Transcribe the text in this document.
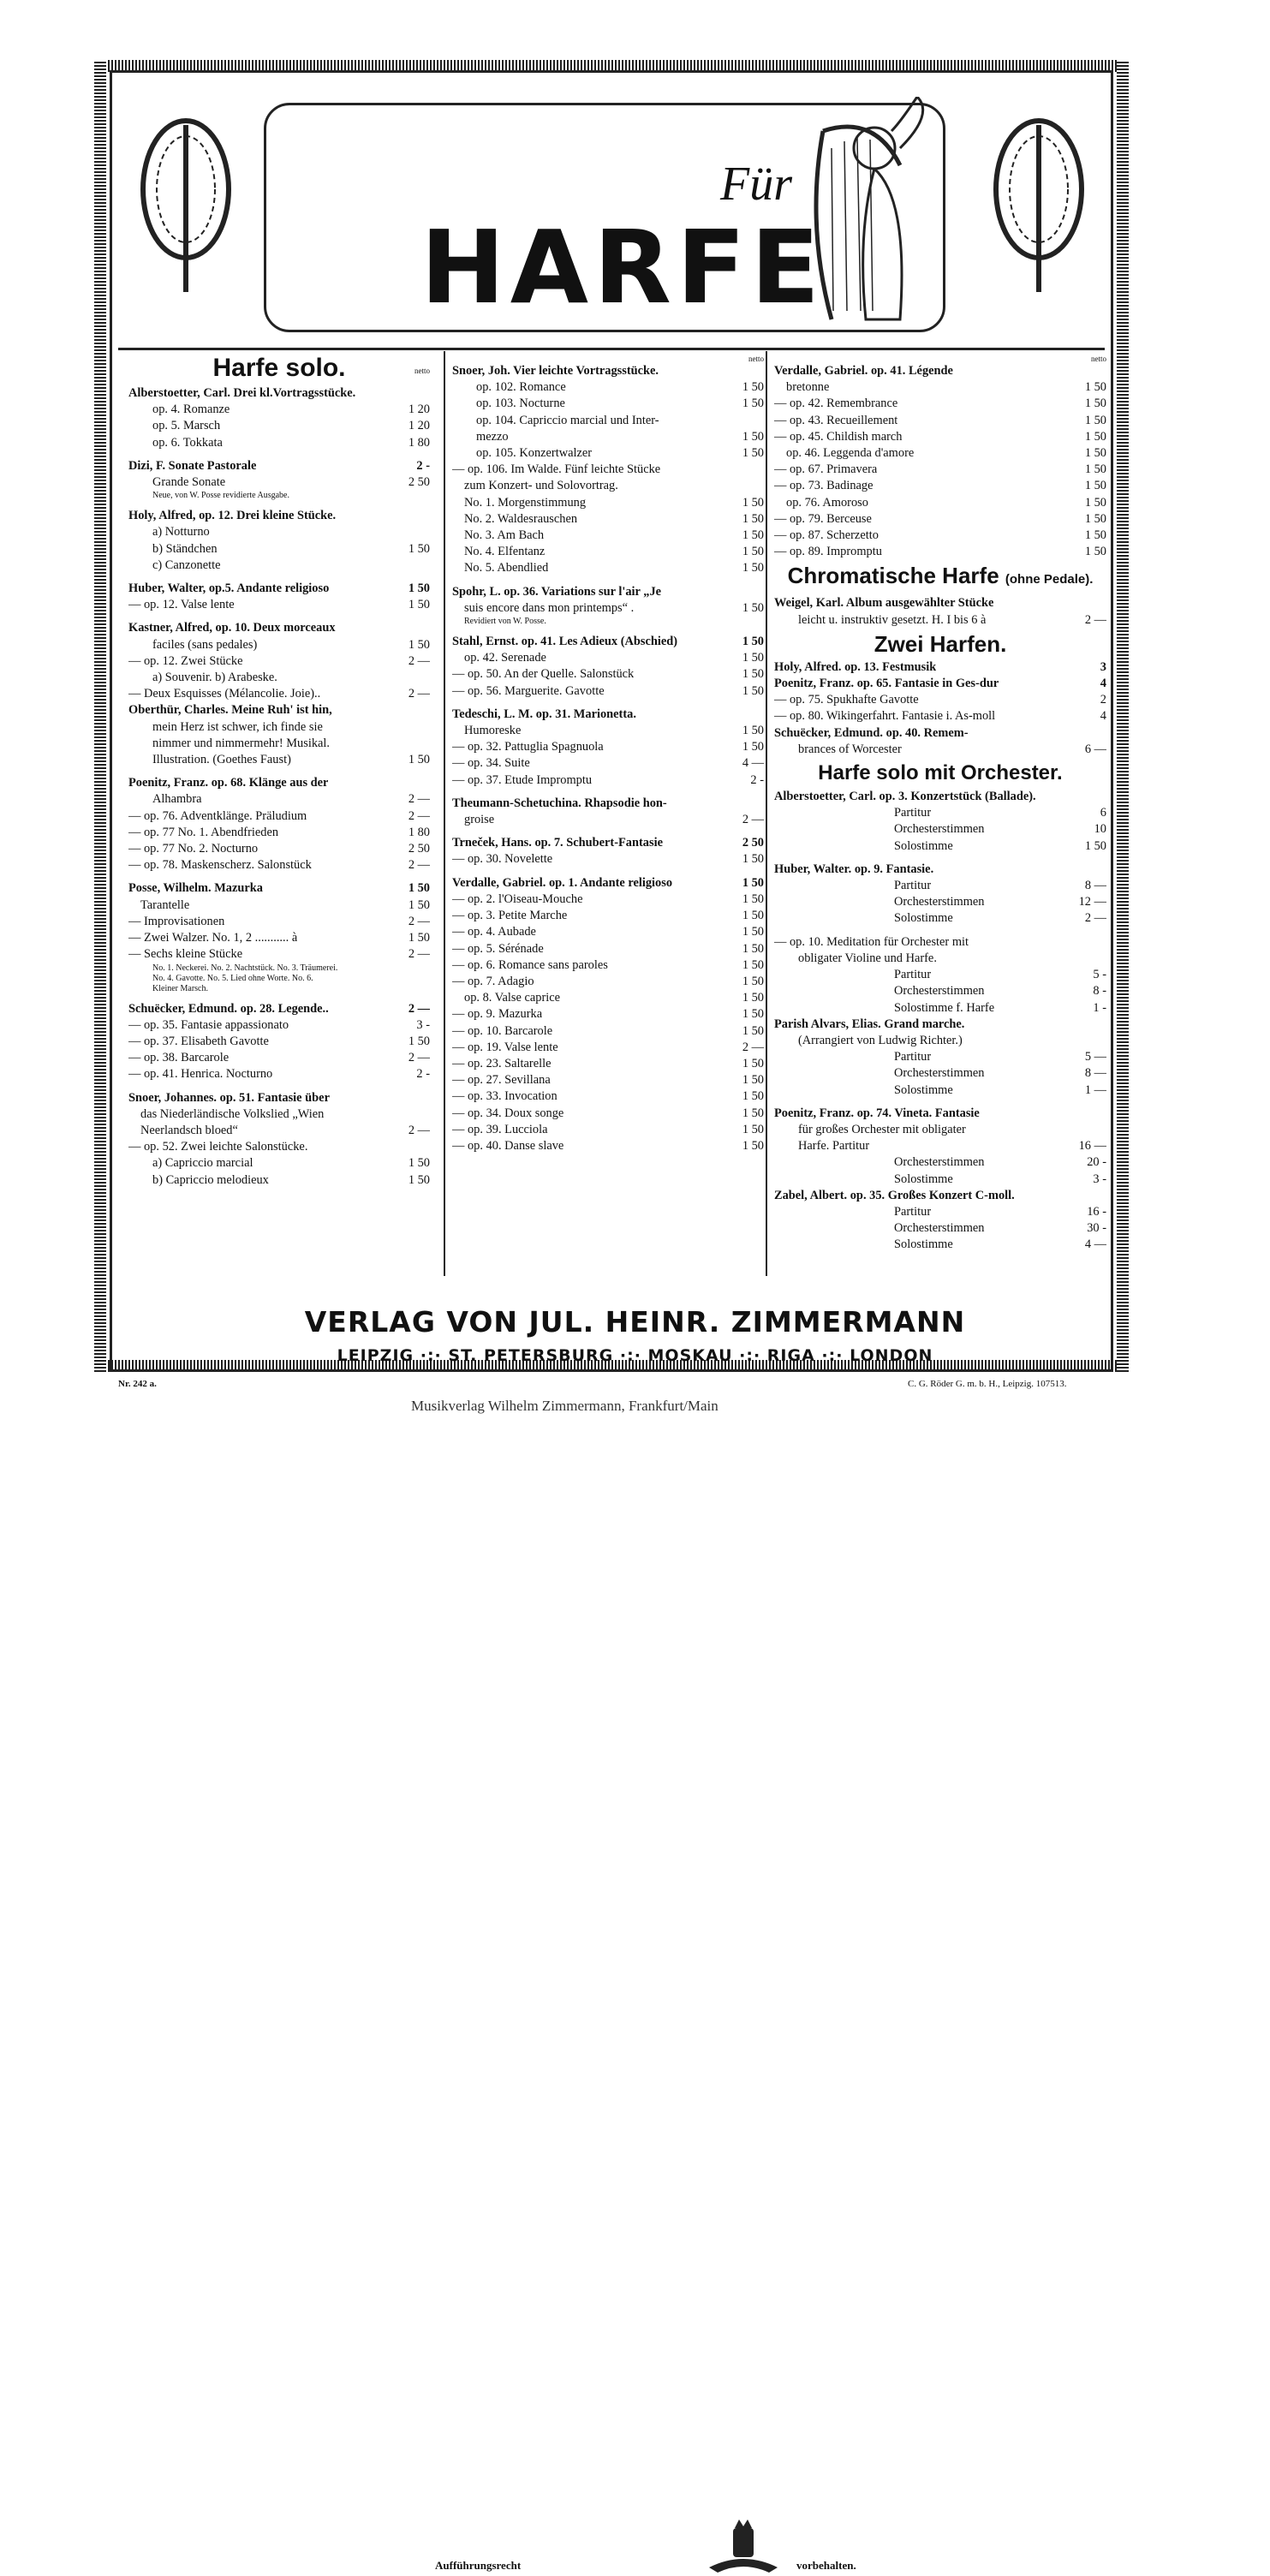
Für
HARFE
Harfe solo.	netto
Alberstoetter, Carl. Drei kl.Vortragsstücke.
op. 4. Romanze	1 20
op. 5. Marsch	1 20
op. 6. Tokkata	1 80
Dizi, F. Sonate Pastorale	2 -
Grande Sonate	2 50
Neue, von W. Posse revidierte Ausgabe.
Holy, Alfred, op. 12. Drei kleine Stücke.
a) Notturno
b) Ständchen	1 50
c) Canzonette
Huber, Walter, op.5. Andante religioso	1 50
— op. 12. Valse lente	1 50
Kastner, Alfred, op. 10. Deux morceaux
faciles (sans pedales)	1 50
— op. 12. Zwei Stücke	2 —
a) Souvenir. b) Arabeske.
— Deux Esquisses (Mélancolie. Joie)..	2 —
Oberthür, Charles. Meine Ruh' ist hin,
mein Herz ist schwer, ich finde sie
nimmer und nimmermehr! Musikal.
Illustration. (Goethes Faust)	1 50
Poenitz, Franz. op. 68. Klänge aus der
Alhambra	2 —
— op. 76. Adventklänge. Präludium	2 —
— op. 77 No. 1. Abendfrieden	1 80
— op. 77 No. 2. Nocturno	2 50
— op. 78. Maskenscherz. Salonstück	2 —
Posse, Wilhelm. Mazurka	1 50
Tarantelle	1 50
— Improvisationen	2 —
— Zwei Walzer. No. 1, 2 ........... à	1 50
— Sechs kleine Stücke	2 —
No. 1. Neckerei. No. 2. Nachtstück. No. 3. Träumerei.
No. 4. Gavotte. No. 5. Lied ohne Worte. No. 6.
Kleiner Marsch.
Schuëcker, Edmund. op. 28. Legende..	2 —
— op. 35. Fantasie appassionato	3 -
— op. 37. Elisabeth Gavotte	1 50
— op. 38. Barcarole	2 —
— op. 41. Henrica. Nocturno	2 -
Snoer, Johannes. op. 51. Fantasie über
das Niederländische Volkslied „Wien
Neerlandsch bloed“	2 —
— op. 52. Zwei leichte Salonstücke.
a) Capriccio marcial	1 50
b) Capriccio melodieux	1 50
netto
Snoer, Joh. Vier leichte Vortragsstücke.
op. 102. Romance	1 50
op. 103. Nocturne	1 50
op. 104. Capriccio marcial und Inter-
mezzo	1 50
op. 105. Konzertwalzer	1 50
— op. 106. Im Walde. Fünf leichte Stücke
zum Konzert- und Solovortrag.
No. 1. Morgenstimmung	1 50
No. 2. Waldesrauschen	1 50
No. 3. Am Bach	1 50
No. 4. Elfentanz	1 50
No. 5. Abendlied	1 50
Spohr, L. op. 36. Variations sur l'air „Je
suis encore dans mon printemps“ .	1 50
Revidiert von W. Posse.
Stahl, Ernst. op. 41. Les Adieux (Abschied)	1 50
op. 42. Serenade	1 50
— op. 50. An der Quelle. Salonstück	1 50
— op. 56. Marguerite. Gavotte	1 50
Tedeschi, L. M. op. 31. Marionetta.
Humoreske	1 50
— op. 32. Pattuglia Spagnuola	1 50
— op. 34. Suite	4 —
— op. 37. Etude Impromptu	2 -
Theumann-Schetuchina. Rhapsodie hon-
groise	2 —
Trneček, Hans. op. 7. Schubert-Fantasie	2 50
— op. 30. Novelette	1 50
Verdalle, Gabriel. op. 1. Andante religioso	1 50
— op. 2. l'Oiseau-Mouche	1 50
— op. 3. Petite Marche	1 50
— op. 4. Aubade	1 50
— op. 5. Sérénade	1 50
— op. 6. Romance sans paroles	1 50
— op. 7. Adagio	1 50
op. 8. Valse caprice	1 50
— op. 9. Mazurka	1 50
— op. 10. Barcarole	1 50
— op. 19. Valse lente	2 —
— op. 23. Saltarelle	1 50
— op. 27. Sevillana	1 50
— op. 33. Invocation	1 50
— op. 34. Doux songe	1 50
— op. 39. Lucciola	1 50
— op. 40. Danse slave	1 50
netto
Verdalle, Gabriel. op. 41. Légende
bretonne	1 50
— op. 42. Remembrance	1 50
— op. 43. Recueillement	1 50
— op. 45. Childish march	1 50
op. 46. Leggenda d'amore	1 50
— op. 67. Primavera	1 50
— op. 73. Badinage	1 50
op. 76. Amoroso	1 50
— op. 79. Berceuse	1 50
— op. 87. Scherzetto	1 50
— op. 89. Impromptu	1 50
Chromatische Harfe (ohne Pedale).
Weigel, Karl. Album ausgewählter Stücke
leicht u. instruktiv gesetzt. H. I bis 6 à	2 —
Zwei Harfen.
Holy, Alfred. op. 13. Festmusik	3
Poenitz, Franz. op. 65. Fantasie in Ges-dur	4
— op. 75. Spukhafte Gavotte	2
— op. 80. Wikingerfahrt. Fantasie i. As-moll	4
Schuëcker, Edmund. op. 40. Remem-
brances of Worcester	6 —
Harfe solo mit Orchester.
Alberstoetter, Carl. op. 3. Konzertstück (Ballade).
Partitur	6
Orchesterstimmen	10
Solostimme	1 50
Huber, Walter. op. 9. Fantasie.
Partitur	8 —
Orchesterstimmen	12 —
Solostimme	2 —
— op. 10. Meditation für Orchester mit
obligater Violine und Harfe.
Partitur	5 -
Orchesterstimmen	8 -
Solostimme f. Harfe	1 -
Parish Alvars, Elias. Grand marche.
(Arrangiert von Ludwig Richter.)
Partitur	5 —
Orchesterstimmen	8 —
Solostimme	1 —
Poenitz, Franz. op. 74. Vineta. Fantasie
für großes Orchester mit obligater
Harfe. Partitur	16 —
Orchesterstimmen	20 -
Solostimme	3 -
Zabel, Albert. op. 35. Großes Konzert C-moll.
Partitur	16 -
Orchesterstimmen	30 -
Solostimme	4 —
Aufführungsrecht	vorbehalten.
VERLAG VON JUL. HEINR. ZIMMERMANN
LEIPZIG ·:· ST. PETERSBURG ·:· MOSKAU ·:· RIGA ·:· LONDON
Nr. 242 a.	C. G. Röder G. m. b. H., Leipzig. 107513.
Musikverlag Wilhelm Zimmermann, Frankfurt/Main
